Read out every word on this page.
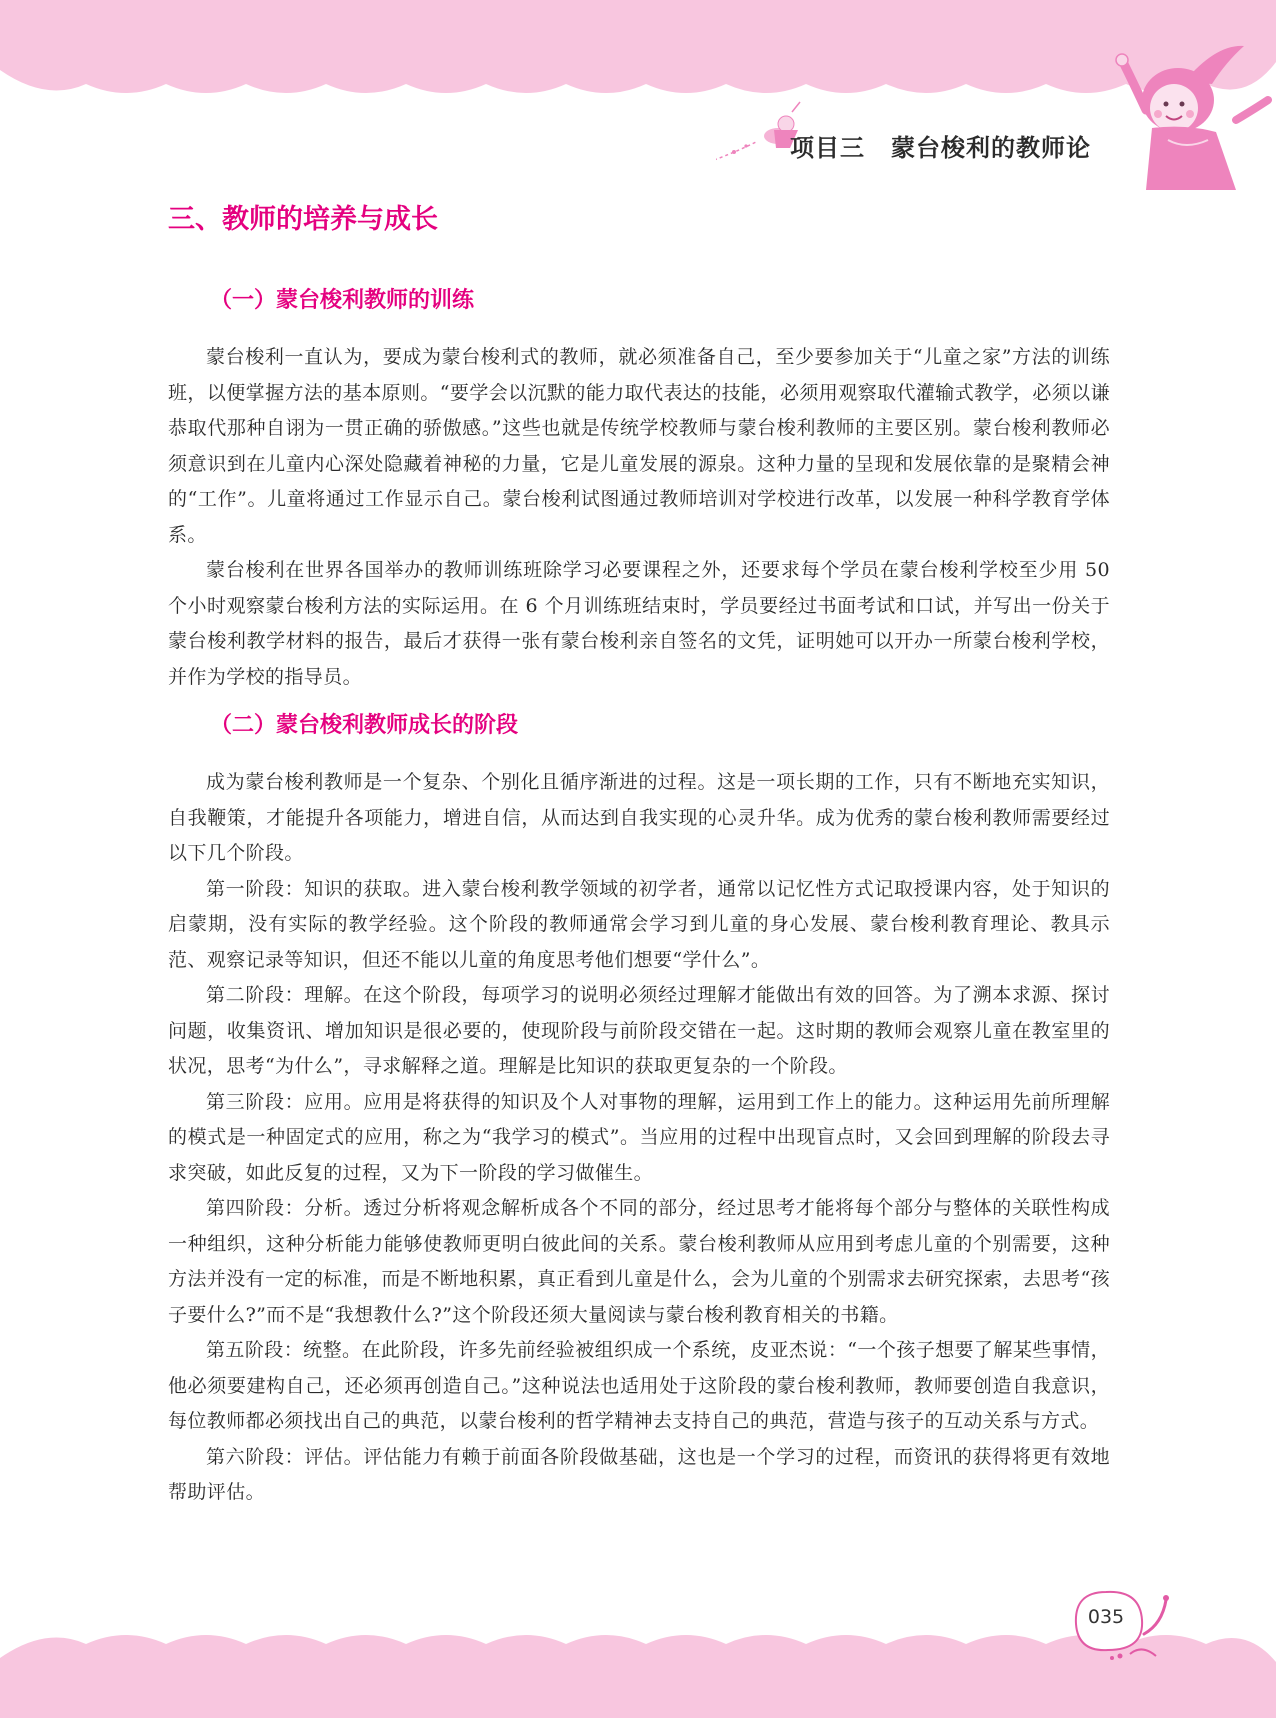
项目三 蒙台梭利的教师论
三、教师的培养与成长
（一）蒙台梭利教师的训练

蒙台梭利一直认为，要成为蒙台梭利式的教师，就必须准备自己，至少要参加关于“儿童之家”方法的训练班，以便掌握方法的基本原则。“要学会以沉默的能力取代表达的技能，必须用观察取代灌输式教学，必须以谦恭取代那种自诩为一贯正确的骄傲感。”这些也就是传统学校教师与蒙台梭利教师的主要区别。蒙台梭利教师必须意识到在儿童内心深处隐藏着神秘的力量，它是儿童发展的源泉。这种力量的呈现和发展依靠的是聚精会神的“工作”。儿童将通过工作显示自己。蒙台梭利试图通过教师培训对学校进行改革，以发展一种科学教育学体系。

蒙台梭利在世界各国举办的教师训练班除学习必要课程之外，还要求每个学员在蒙台梭利学校至少用 50 个小时观察蒙台梭利方法的实际运用。在 6 个月训练班结束时，学员要经过书面考试和口试，并写出一份关于蒙台梭利教学材料的报告，最后才获得一张有蒙台梭利亲自签名的文凭，证明她可以开办一所蒙台梭利学校，并作为学校的指导员。

（二）蒙台梭利教师成长的阶段

成为蒙台梭利教师是一个复杂、个别化且循序渐进的过程。这是一项长期的工作，只有不断地充实知识，自我鞭策，才能提升各项能力，增进自信，从而达到自我实现的心灵升华。成为优秀的蒙台梭利教师需要经过以下几个阶段。

第一阶段：知识的获取。进入蒙台梭利教学领域的初学者，通常以记忆性方式记取授课内容，处于知识的启蒙期，没有实际的教学经验。这个阶段的教师通常会学习到儿童的身心发展、蒙台梭利教育理论、教具示范、观察记录等知识，但还不能以儿童的角度思考他们想要“学什么”。

第二阶段：理解。在这个阶段，每项学习的说明必须经过理解才能做出有效的回答。为了溯本求源、探讨问题，收集资讯、增加知识是很必要的，使现阶段与前阶段交错在一起。这时期的教师会观察儿童在教室里的状况，思考“为什么”，寻求解释之道。理解是比知识的获取更复杂的一个阶段。

第三阶段：应用。应用是将获得的知识及个人对事物的理解，运用到工作上的能力。这种运用先前所理解的模式是一种固定式的应用，称之为“我学习的模式”。当应用的过程中出现盲点时，又会回到理解的阶段去寻求突破，如此反复的过程，又为下一阶段的学习做催生。

第四阶段：分析。透过分析将观念解析成各个不同的部分，经过思考才能将每个部分与整体的关联性构成一种组织，这种分析能力能够使教师更明白彼此间的关系。蒙台梭利教师从应用到考虑儿童的个别需要，这种方法并没有一定的标准，而是不断地积累，真正看到儿童是什么，会为儿童的个别需求去研究探索，去思考“孩子要什么?”而不是“我想教什么?”这个阶段还须大量阅读与蒙台梭利教育相关的书籍。

第五阶段：统整。在此阶段，许多先前经验被组织成一个系统，皮亚杰说：“一个孩子想要了解某些事情，他必须要建构自己，还必须再创造自己。”这种说法也适用处于这阶段的蒙台梭利教师，教师要创造自我意识，每位教师都必须找出自己的典范，以蒙台梭利的哲学精神去支持自己的典范，营造与孩子的互动关系与方式。

第六阶段：评估。评估能力有赖于前面各阶段做基础，这也是一个学习的过程，而资讯的获得将更有效地帮助评估。

035
